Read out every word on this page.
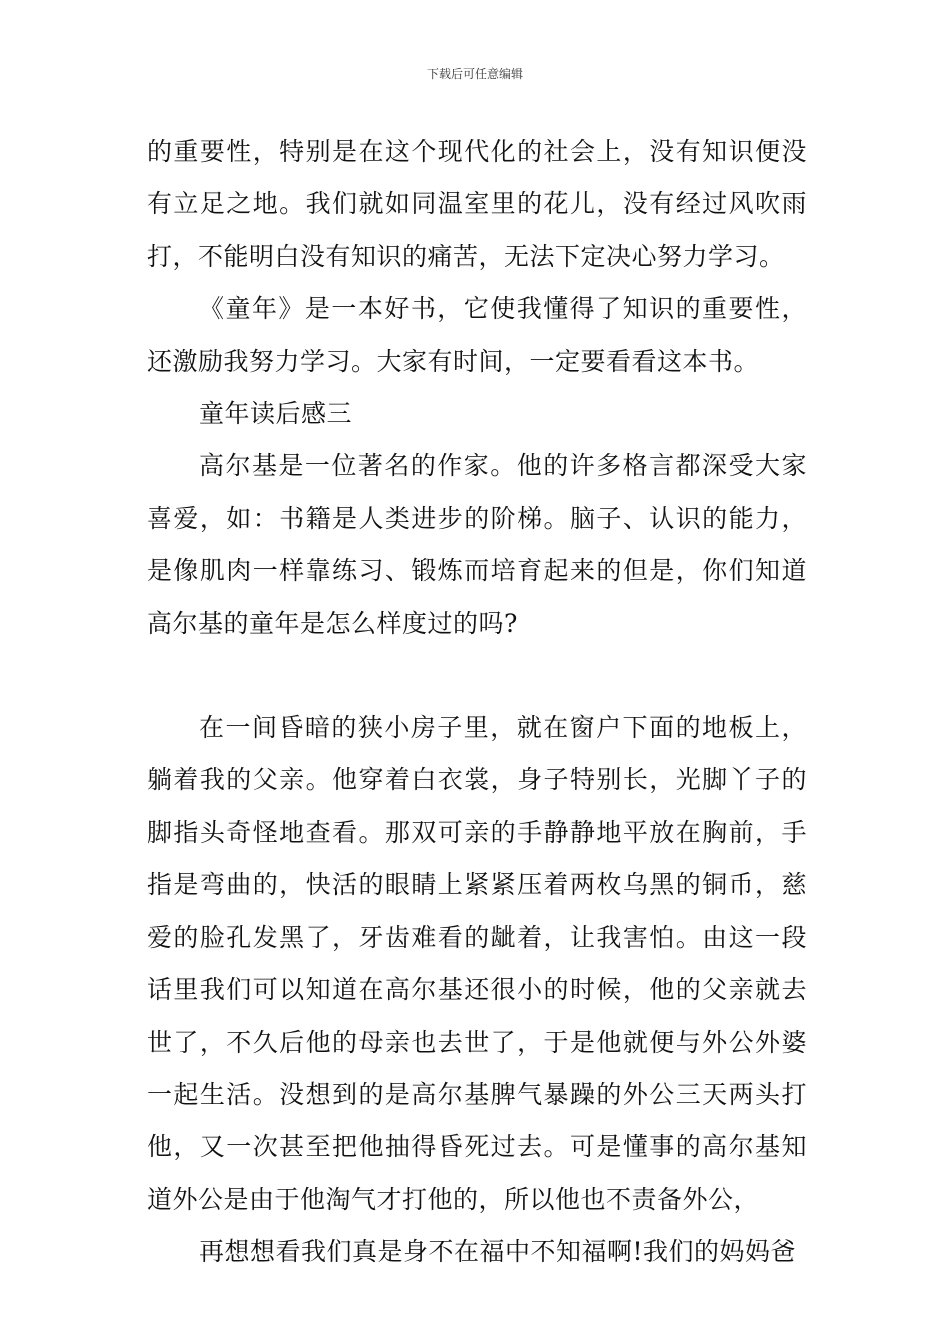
下载后可任意编辑

的重要性，特别是在这个现代化的社会上，没有知识便没有立足之地。我们就如同温室里的花儿，没有经过风吹雨打，不能明白没有知识的痛苦，无法下定决心努力学习。

《童年》是一本好书，它使我懂得了知识的重要性，还激励我努力学习。大家有时间，一定要看看这本书。

童年读后感三

高尔基是一位著名的作家。他的许多格言都深受大家喜爱，如：书籍是人类进步的阶梯。脑子、认识的能力，是像肌肉一样靠练习、锻炼而培育起来的但是，你们知道高尔基的童年是怎么样度过的吗?

在一间昏暗的狭小房子里，就在窗户下面的地板上，躺着我的父亲。他穿着白衣裳，身子特别长，光脚丫子的脚指头奇怪地查看。那双可亲的手静静地平放在胸前，手指是弯曲的，快活的眼睛上紧紧压着两枚乌黑的铜币，慈爱的脸孔发黑了，牙齿难看的龇着，让我害怕。由这一段话里我们可以知道在高尔基还很小的时候，他的父亲就去世了，不久后他的母亲也去世了，于是他就便与外公外婆一起生活。没想到的是高尔基脾气暴躁的外公三天两头打他，又一次甚至把他抽得昏死过去。可是懂事的高尔基知道外公是由于他淘气才打他的，所以他也不责备外公，

再想想看我们真是身不在福中不知福啊!我们的妈妈爸
